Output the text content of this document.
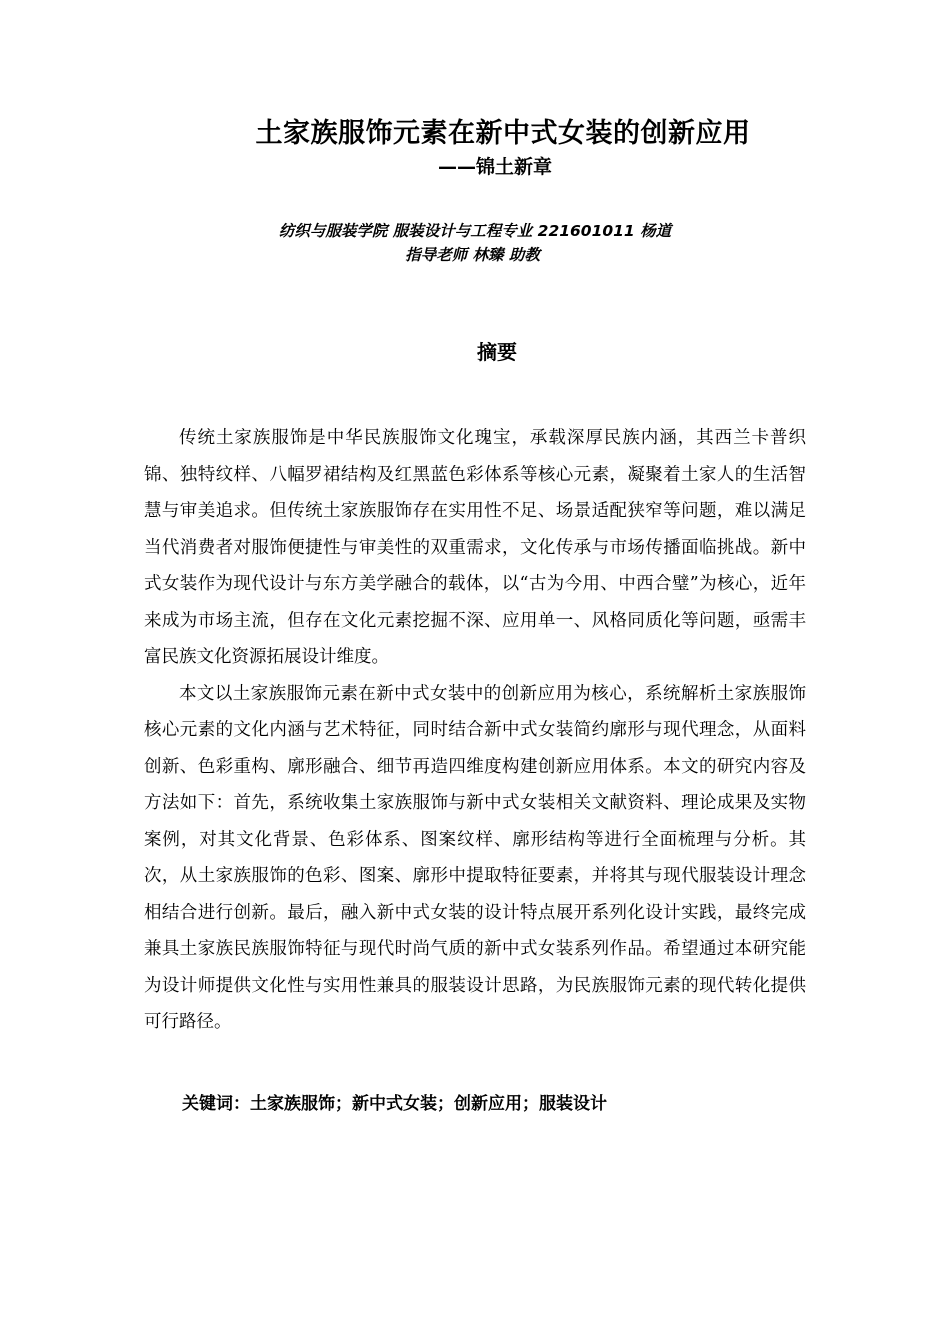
土家族服饰元素在新中式女装的创新应用
——锦土新章
纺织与服装学院 服装设计与工程专业 221601011 杨道
指导老师 林臻 助教
摘要

传统土家族服饰是中华民族服饰文化瑰宝，承载深厚民族内涵，其西兰卡普织锦、独特纹样、八幅罗裙结构及红黑蓝色彩体系等核心元素，凝聚着土家人的生活智慧与审美追求。但传统土家族服饰存在实用性不足、场景适配狭窄等问题，难以满足当代消费者对服饰便捷性与审美性的双重需求，文化传承与市场传播面临挑战。新中式女装作为现代设计与东方美学融合的载体，以“古为今用、中西合璧”为核心，近年来成为市场主流，但存在文化元素挖掘不深、应用单一、风格同质化等问题，亟需丰富民族文化资源拓展设计维度。

本文以土家族服饰元素在新中式女装中的创新应用为核心，系统解析土家族服饰核心元素的文化内涵与艺术特征，同时结合新中式女装简约廓形与现代理念，从面料创新、色彩重构、廓形融合、细节再造四维度构建创新应用体系。本文的研究内容及方法如下：首先，系统收集土家族服饰与新中式女装相关文献资料、理论成果及实物案例，对其文化背景、色彩体系、图案纹样、廓形结构等进行全面梳理与分析。其次，从土家族服饰的色彩、图案、廓形中提取特征要素，并将其与现代服装设计理念相结合进行创新。最后，融入新中式女装的设计特点展开系列化设计实践，最终完成兼具土家族民族服饰特征与现代时尚气质的新中式女装系列作品。希望通过本研究能为设计师提供文化性与实用性兼具的服装设计思路，为民族服饰元素的现代转化提供可行路径。

关键词：土家族服饰；新中式女装；创新应用；服装设计
